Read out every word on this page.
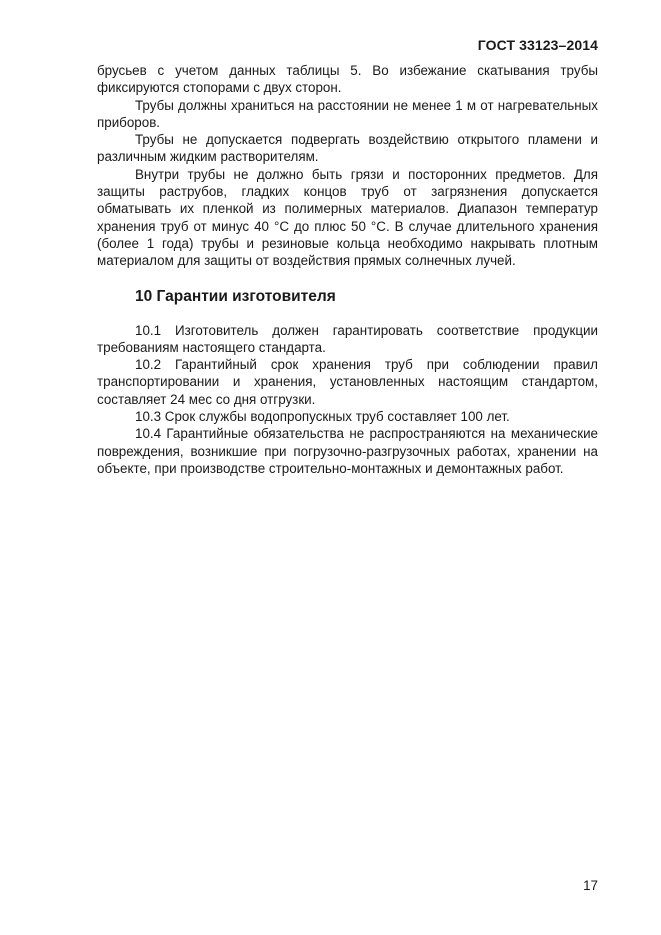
ГОСТ 33123–2014

брусьев с учетом данных таблицы 5. Во избежание скатывания трубы фиксируются стопорами с двух сторон.

Трубы должны храниться на расстоянии не менее 1 м от нагревательных приборов.

Трубы не допускается подвергать воздействию открытого пламени и различным жидким растворителям.

Внутри трубы не должно быть грязи и посторонних предметов. Для защиты раструбов, гладких концов труб от загрязнения допускается обматывать их пленкой из полимерных материалов. Диапазон температур хранения труб от минус 40 °С до плюс 50 °С. В случае длительного хранения (более 1 года) трубы и резиновые кольца необходимо накрывать плотным материалом для защиты от воздействия прямых солнечных лучей.

10 Гарантии изготовителя

10.1 Изготовитель должен гарантировать соответствие продукции требованиям настоящего стандарта.

10.2 Гарантийный срок хранения труб при соблюдении правил транспортировании и хранения, установленных настоящим стандартом, составляет 24 мес со дня отгрузки.

10.3 Срок службы водопропускных труб составляет 100 лет.

10.4 Гарантийные обязательства не распространяются на механические повреждения, возникшие при погрузочно-разгрузочных работах, хранении на объекте, при производстве строительно-монтажных и демонтажных работ.

17
